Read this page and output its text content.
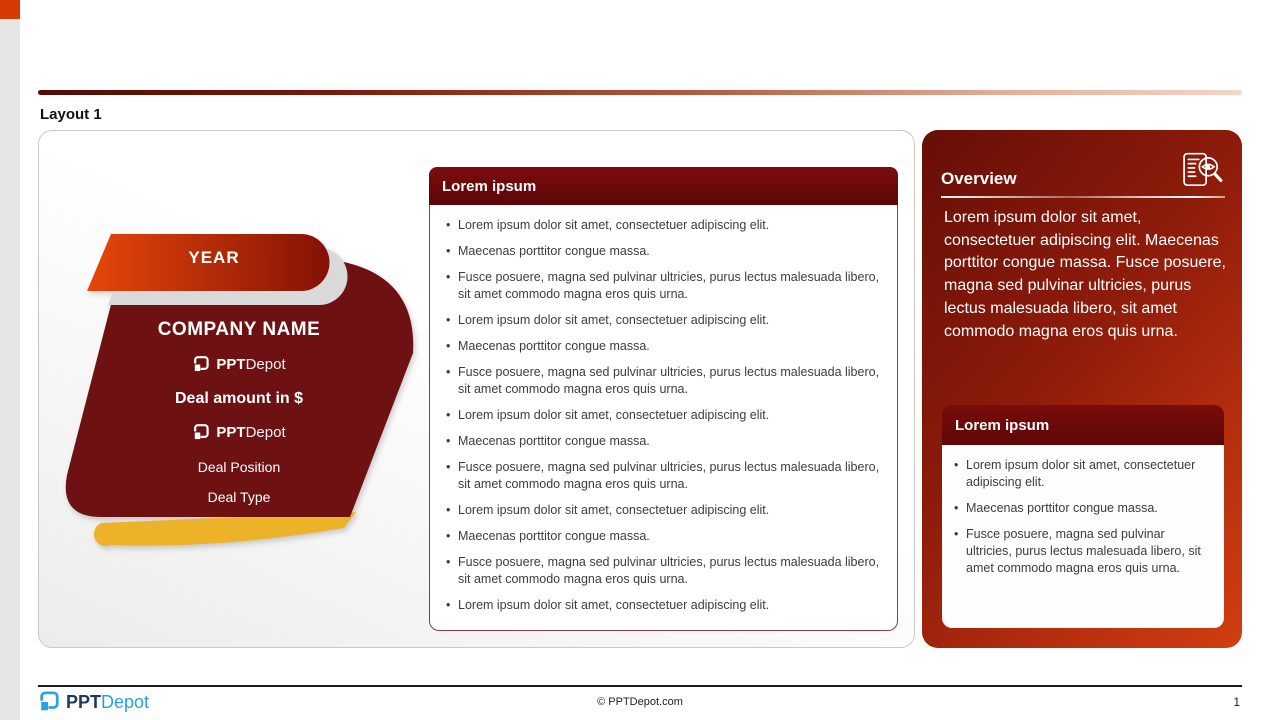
Layout 1
YEAR
COMPANY NAME
PPTDepot
Deal amount in $
PPTDepot
Deal Position
Deal Type
Lorem ipsum
• Lorem ipsum dolor sit amet, consectetuer adipiscing elit.
• Maecenas porttitor congue massa.
• Fusce posuere, magna sed pulvinar ultricies, purus lectus malesuada libero, sit amet commodo magna eros quis urna.
• Lorem ipsum dolor sit amet, consectetuer adipiscing elit.
• Maecenas porttitor congue massa.
• Fusce posuere, magna sed pulvinar ultricies, purus lectus malesuada libero, sit amet commodo magna eros quis urna.
• Lorem ipsum dolor sit amet, consectetuer adipiscing elit.
• Maecenas porttitor congue massa.
• Fusce posuere, magna sed pulvinar ultricies, purus lectus malesuada libero, sit amet commodo magna eros quis urna.
• Lorem ipsum dolor sit amet, consectetuer adipiscing elit.
• Maecenas porttitor congue massa.
• Fusce posuere, magna sed pulvinar ultricies, purus lectus malesuada libero, sit amet commodo magna eros quis urna.
• Lorem ipsum dolor sit amet, consectetuer adipiscing elit.
Overview
Lorem ipsum dolor sit amet, consectetuer adipiscing elit. Maecenas porttitor congue massa. Fusce posuere, magna sed pulvinar ultricies, purus lectus malesuada libero, sit amet commodo magna eros quis urna.
Lorem ipsum
• Lorem ipsum dolor sit amet, consectetuer adipiscing elit.
• Maecenas porttitor congue massa.
• Fusce posuere, magna sed pulvinar ultricies, purus lectus malesuada libero, sit amet commodo magna eros quis urna.
PPTDepot	© PPTDepot.com	1
